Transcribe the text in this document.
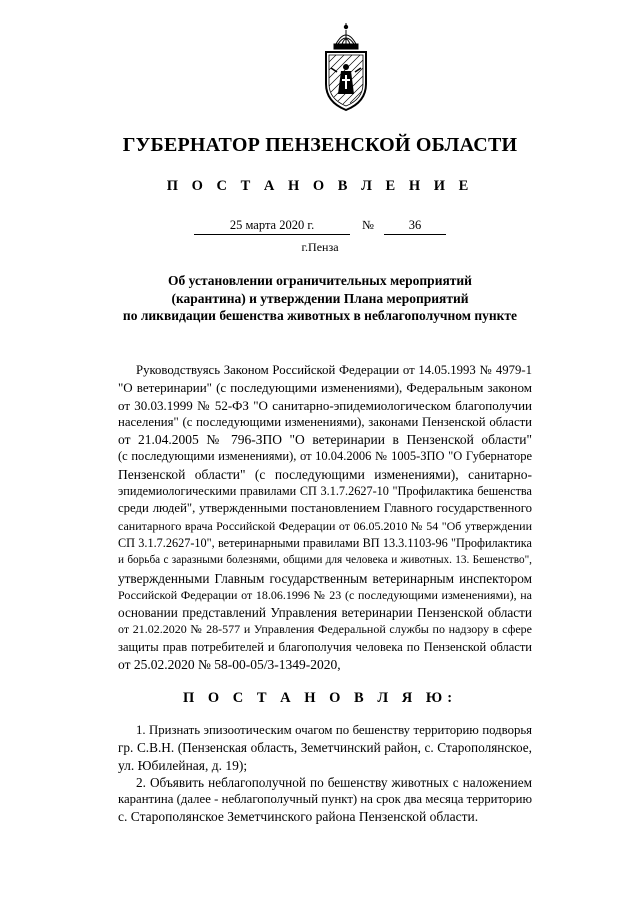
ГУБЕРНАТОР ПЕНЗЕНСКОЙ ОБЛАСТИ
П О С Т А Н О В Л Е Н И Е
25 марта 2020 г.	№	36
г.Пенза
Об установлении ограничительных мероприятий
(карантина) и утверждении Плана мероприятий
по ликвидации бешенства животных в неблагополучном пункте
Руководствуясь Законом Российской Федерации от 14.05.1993 № 4979-1
"О ветеринарии" (с последующими изменениями), Федеральным законом
от 30.03.1999 № 52-ФЗ "О санитарно-эпидемиологическом благополучии
населения" (с последующими изменениями), законами Пензенской области
от 21.04.2005 № 796-ЗПО "О ветеринарии в Пензенской области"
(с последующими изменениями), от 10.04.2006 № 1005-ЗПО "О Губернаторе
Пензенской области" (с последующими изменениями), санитарно-
эпидемиологическими правилами СП 3.1.7.2627-10 "Профилактика бешенства
среди людей", утвержденными постановлением Главного государственного
санитарного врача Российской Федерации от 06.05.2010 № 54 "Об утверждении
СП 3.1.7.2627-10", ветеринарными правилами ВП 13.3.1103-96 "Профилактика
и борьба с заразными болезнями, общими для человека и животных. 13. Бешенство",
утвержденными Главным государственным ветеринарным инспектором
Российской Федерации от 18.06.1996 № 23 (с последующими изменениями), на
основании представлений Управления ветеринарии Пензенской области
от 21.02.2020 № 28-577 и Управления Федеральной службы по надзору в сфере
защиты прав потребителей и благополучия человека по Пензенской области
от 25.02.2020 № 58-00-05/3-1349-2020,
П О С Т А Н О В Л Я Ю:
1. Признать эпизоотическим очагом по бешенству территорию подворья
гр. С.В.Н. (Пензенская область, Земетчинский район, с. Старополянское,
ул. Юбилейная, д. 19);
2. Объявить неблагополучной по бешенству животных с наложением
карантина (далее - неблагополучный пункт) на срок два месяца территорию
с. Старополянское Земетчинского района Пензенской области.
